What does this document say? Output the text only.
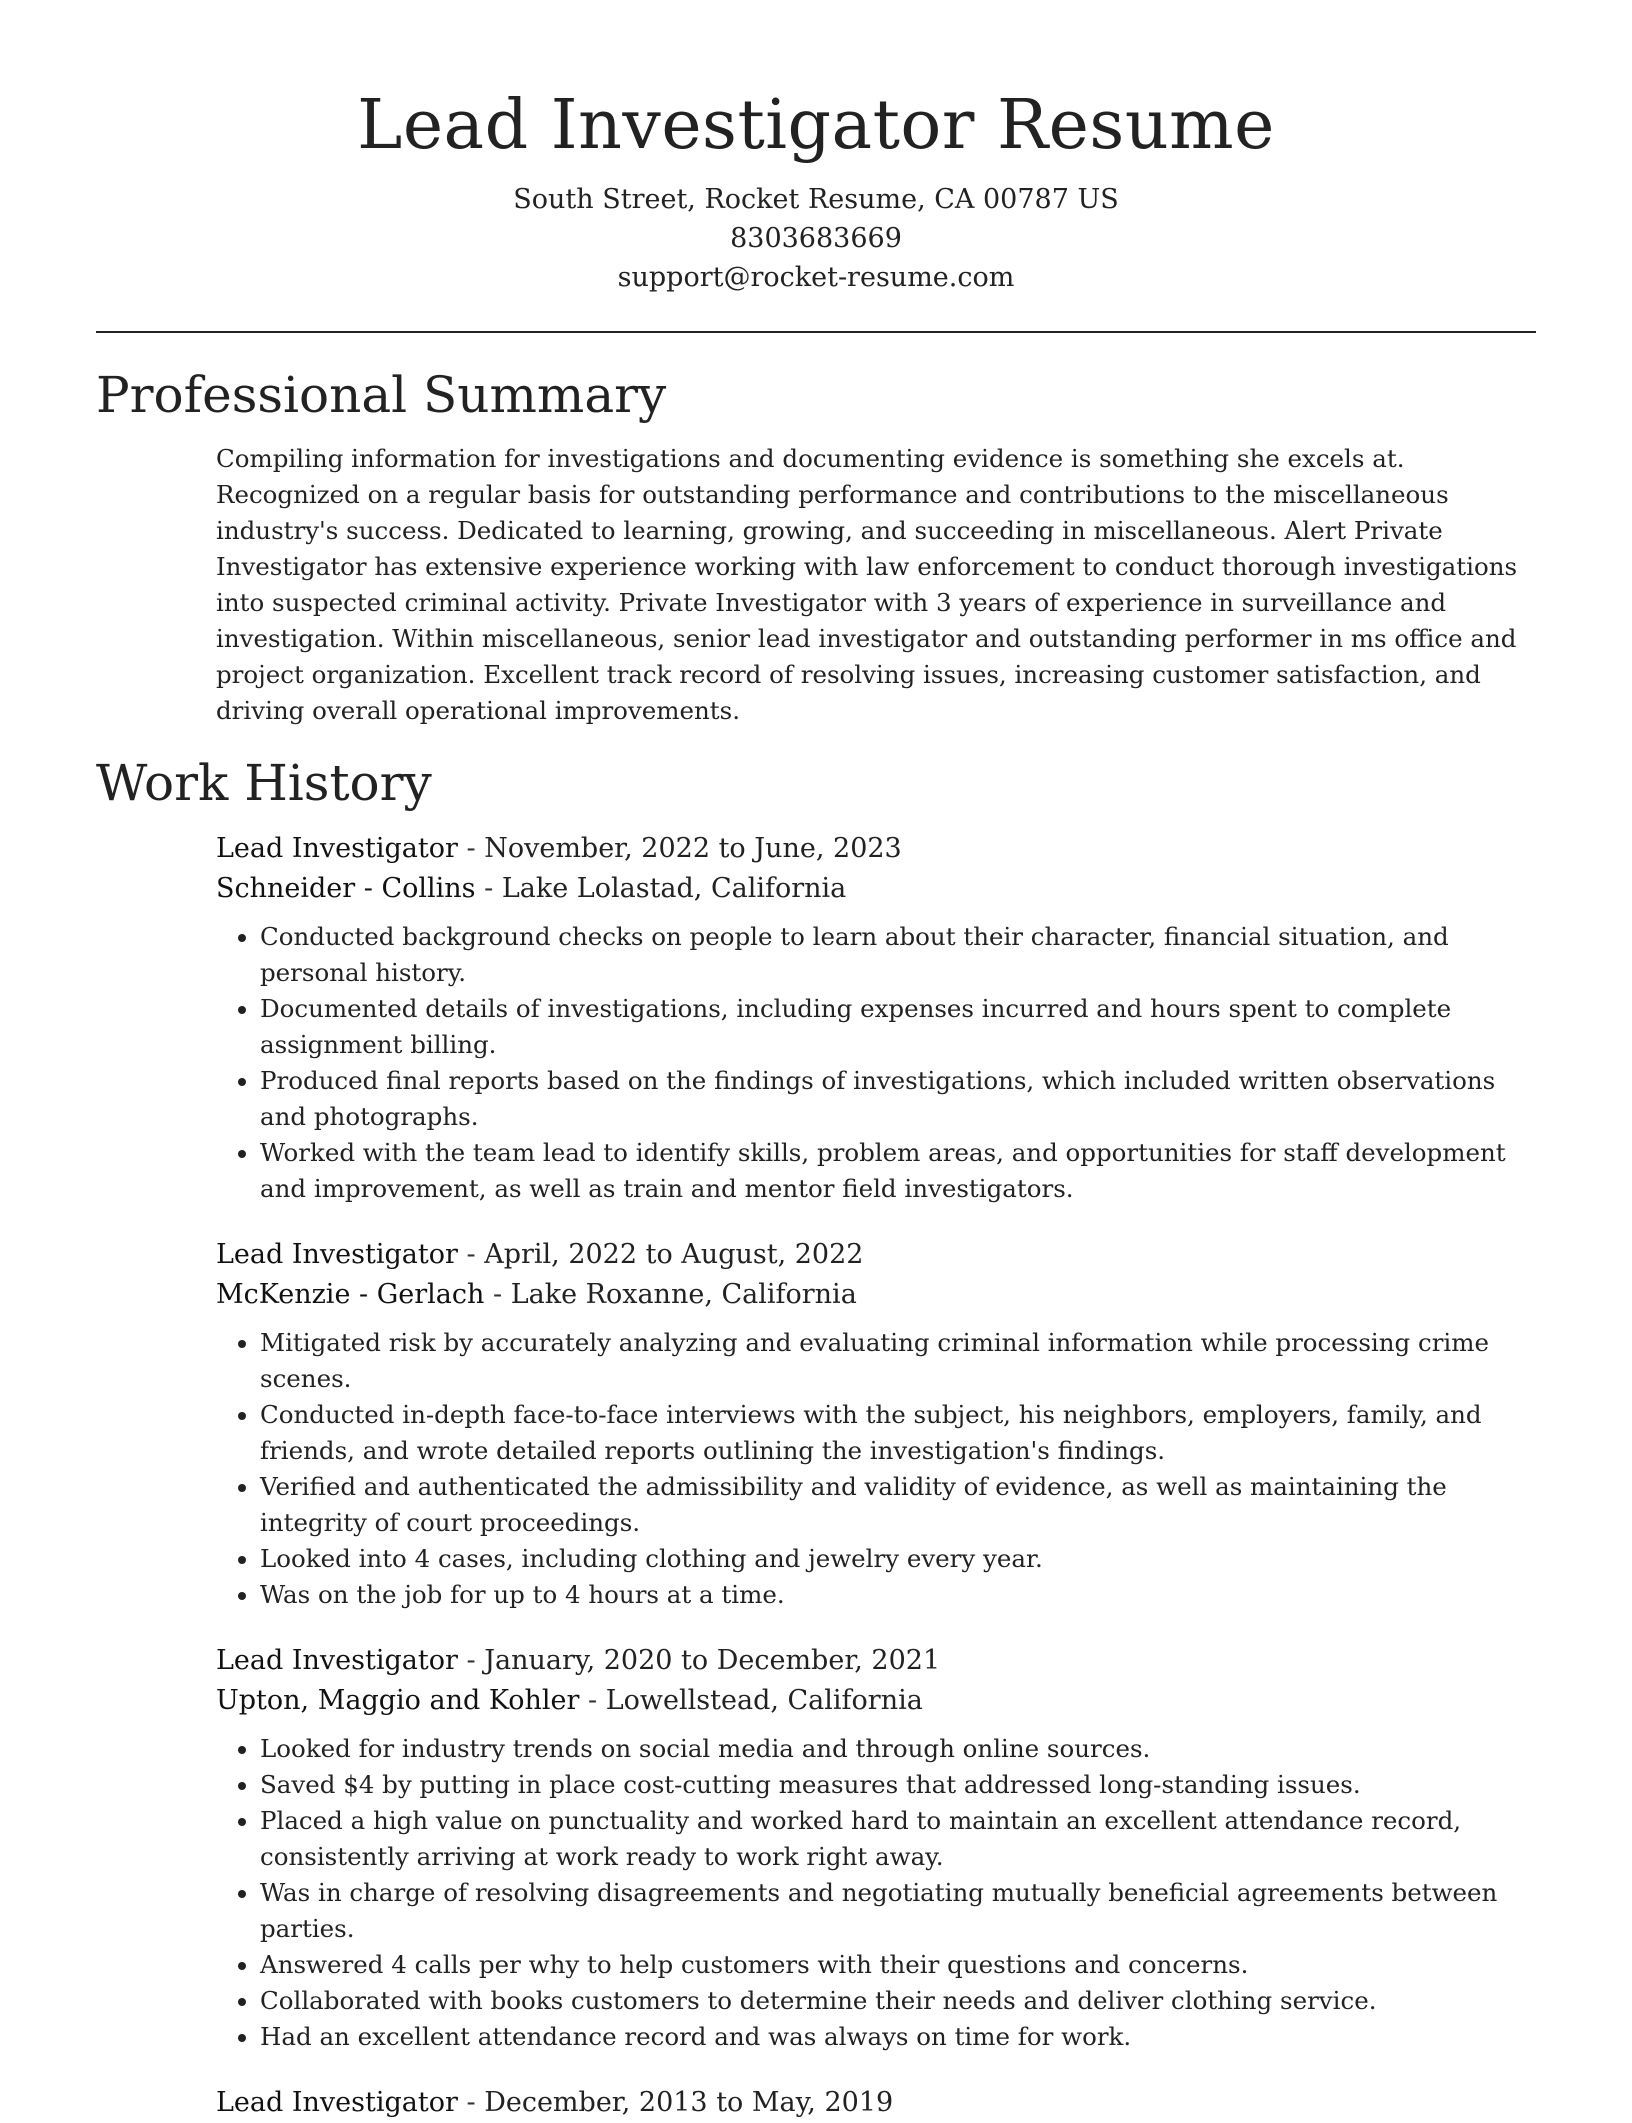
Lead Investigator Resume
South Street, Rocket Resume, CA 00787 US
8303683669
support@rocket-resume.com
Professional Summary
Compiling information for investigations and documenting evidence is something she excels at. Recognized on a regular basis for outstanding performance and contributions to the miscellaneous industry's success. Dedicated to learning, growing, and succeeding in miscellaneous. Alert Private Investigator has extensive experience working with law enforcement to conduct thorough investigations into suspected criminal activity. Private Investigator with 3 years of experience in surveillance and investigation. Within miscellaneous, senior lead investigator and outstanding performer in ms office and project organization. Excellent track record of resolving issues, increasing customer satisfaction, and driving overall operational improvements.
Work History
Lead Investigator - November, 2022 to June, 2023
Schneider - Collins - Lake Lolastad, California
• Conducted background checks on people to learn about their character, financial situation, and personal history.
• Documented details of investigations, including expenses incurred and hours spent to complete assignment billing.
• Produced final reports based on the findings of investigations, which included written observations and photographs.
• Worked with the team lead to identify skills, problem areas, and opportunities for staff development and improvement, as well as train and mentor field investigators.
Lead Investigator - April, 2022 to August, 2022
McKenzie - Gerlach - Lake Roxanne, California
• Mitigated risk by accurately analyzing and evaluating criminal information while processing crime scenes.
• Conducted in-depth face-to-face interviews with the subject, his neighbors, employers, family, and friends, and wrote detailed reports outlining the investigation's findings.
• Verified and authenticated the admissibility and validity of evidence, as well as maintaining the integrity of court proceedings.
• Looked into 4 cases, including clothing and jewelry every year.
• Was on the job for up to 4 hours at a time.
Lead Investigator - January, 2020 to December, 2021
Upton, Maggio and Kohler - Lowellstead, California
• Looked for industry trends on social media and through online sources.
• Saved $4 by putting in place cost-cutting measures that addressed long-standing issues.
• Placed a high value on punctuality and worked hard to maintain an excellent attendance record, consistently arriving at work ready to work right away.
• Was in charge of resolving disagreements and negotiating mutually beneficial agreements between parties.
• Answered 4 calls per why to help customers with their questions and concerns.
• Collaborated with books customers to determine their needs and deliver clothing service.
• Had an excellent attendance record and was always on time for work.
Lead Investigator - December, 2013 to May, 2019
